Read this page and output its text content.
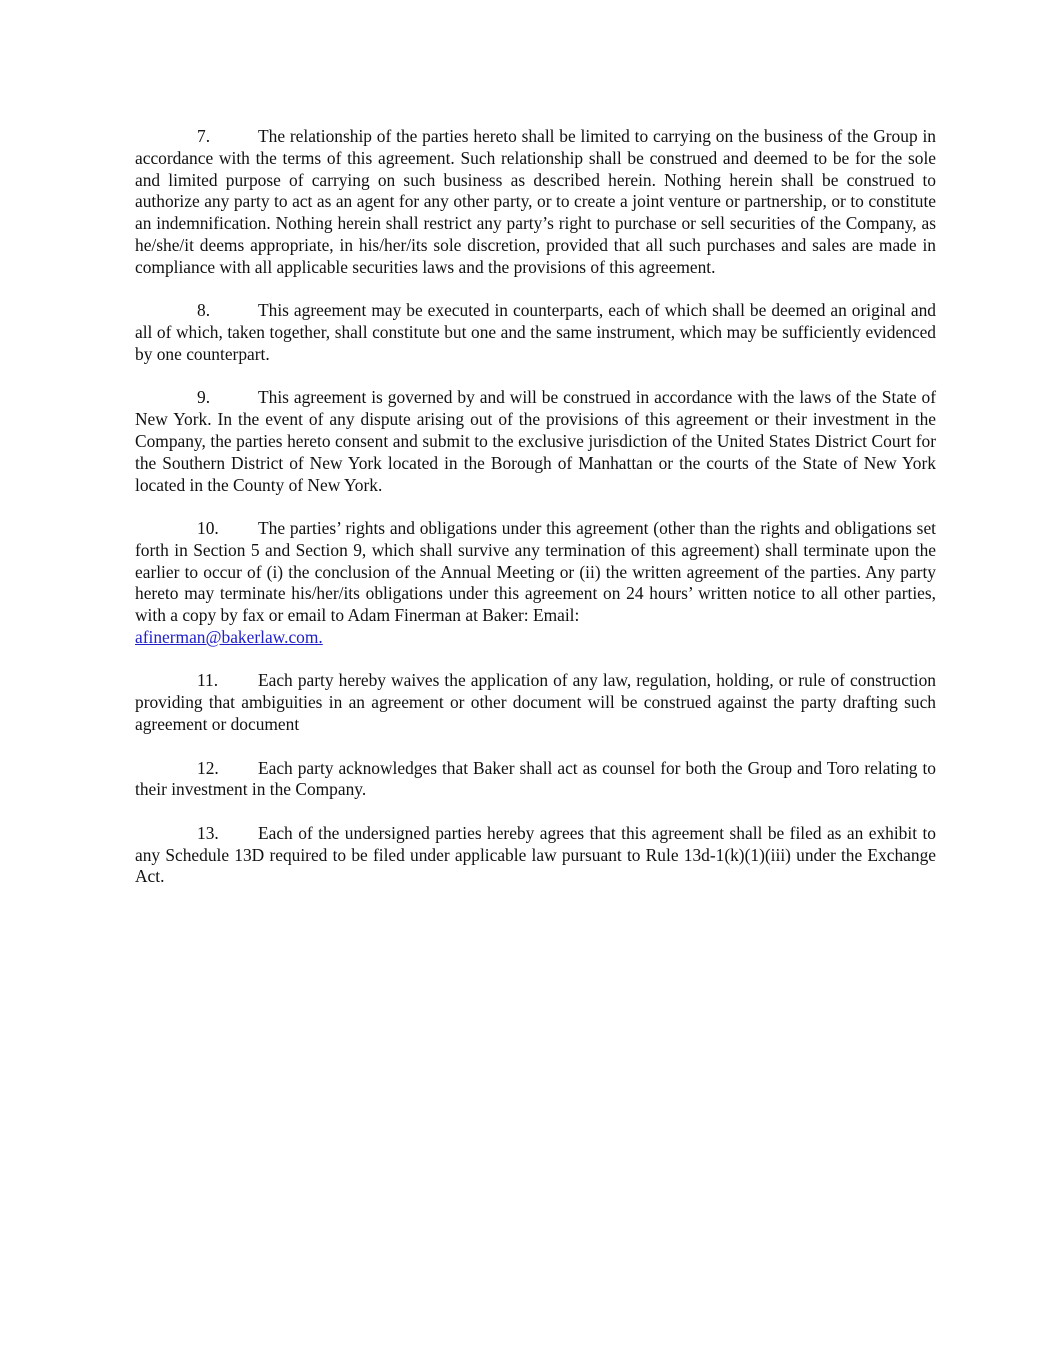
7.	The relationship of the parties hereto shall be limited to carrying on the business of the Group in accordance with the terms of this agreement. Such relationship shall be construed and deemed to be for the sole and limited purpose of carrying on such business as described herein. Nothing herein shall be construed to authorize any party to act as an agent for any other party, or to create a joint venture or partnership, or to constitute an indemnification. Nothing herein shall restrict any party’s right to purchase or sell securities of the Company, as he/she/it deems appropriate, in his/her/its sole discretion, provided that all such purchases and sales are made in compliance with all applicable securities laws and the provisions of this agreement.

8.	This agreement may be executed in counterparts, each of which shall be deemed an original and all of which, taken together, shall constitute but one and the same instrument, which may be sufficiently evidenced by one counterpart.

9.	This agreement is governed by and will be construed in accordance with the laws of the State of New York. In the event of any dispute arising out of the provisions of this agreement or their investment in the Company, the parties hereto consent and submit to the exclusive jurisdiction of the United States District Court for the Southern District of New York located in the Borough of Manhattan or the courts of the State of New York located in the County of New York.

10. The parties’ rights and obligations under this agreement (other than the rights and obligations set forth in Section 5 and Section 9, which shall survive any termination of this agreement) shall terminate upon the earlier to occur of (i) the conclusion of the Annual Meeting or (ii) the written agreement of the parties. Any party hereto may terminate his/her/its obligations under this agreement on 24 hours’ written notice to all other parties, with a copy by fax or email to Adam Finerman at Baker: Email:
afinerman@bakerlaw.com.

11. Each party hereby waives the application of any law, regulation, holding, or rule of construction providing that ambiguities in an agreement or other document will be construed against the party drafting such agreement or document

12. Each party acknowledges that Baker shall act as counsel for both the Group and Toro relating to their investment in the Company.

13. Each of the undersigned parties hereby agrees that this agreement shall be filed as an exhibit to any Schedule 13D required to be filed under applicable law pursuant to Rule 13d-1(k)(1)(iii) under the Exchange Act.
